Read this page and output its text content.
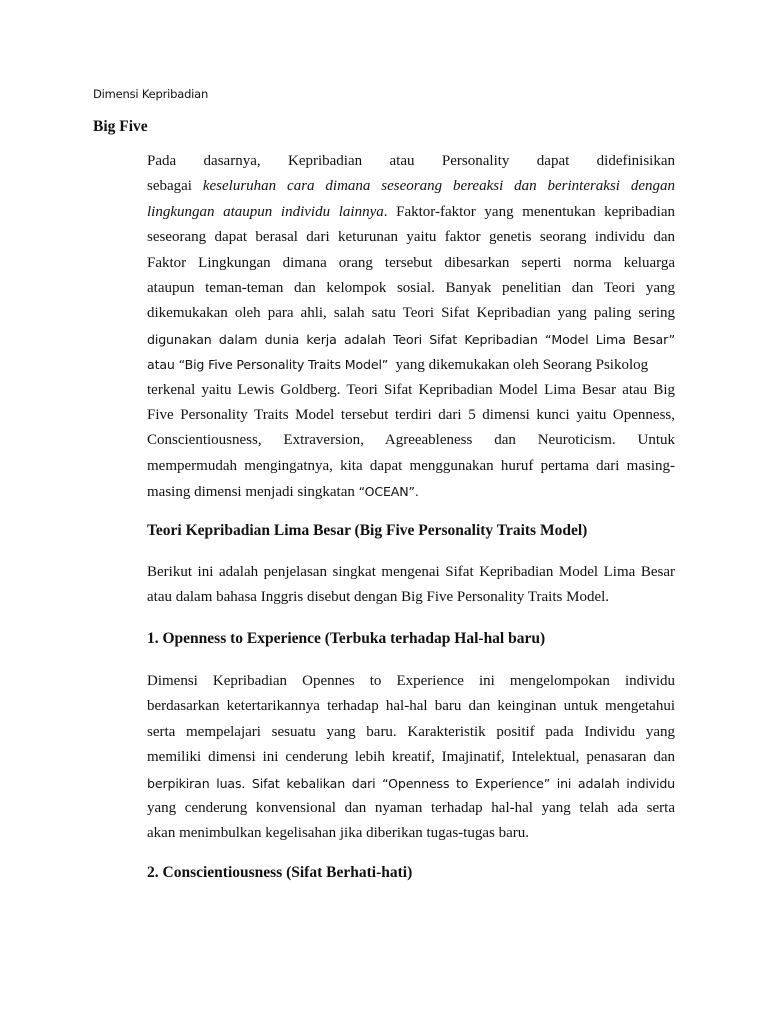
Dimensi Kepribadian
Big Five
Pada dasarnya, Kepribadian atau Personality dapat didefinisikan
sebagai keseluruhan cara dimana seseorang bereaksi dan berinteraksi dengan
lingkungan ataupun individu lainnya. Faktor-faktor yang menentukan kepribadian
seseorang dapat berasal dari keturunan yaitu faktor genetis seorang individu dan
Faktor Lingkungan dimana orang tersebut dibesarkan seperti norma keluarga
ataupun teman-teman dan kelompok sosial. Banyak penelitian dan Teori yang
dikemukakan oleh para ahli, salah satu Teori Sifat Kepribadian yang paling sering
digunakan dalam dunia kerja adalah Teori Sifat Kepribadian “Model Lima Besar”
atau “Big Five Personality Traits Model”  yang dikemukakan oleh Seorang Psikolog
terkenal yaitu Lewis Goldberg. Teori Sifat Kepribadian Model Lima Besar atau Big
Five Personality Traits Model tersebut terdiri dari 5 dimensi kunci yaitu Openness,
Conscientiousness, Extraversion, Agreeableness dan Neuroticism. Untuk
mempermudah mengingatnya, kita dapat menggunakan huruf pertama dari masing-
masing dimensi menjadi singkatan “OCEAN”.
Teori Kepribadian Lima Besar (Big Five Personality Traits Model)
Berikut ini adalah penjelasan singkat mengenai Sifat Kepribadian Model Lima Besar
atau dalam bahasa Inggris disebut dengan Big Five Personality Traits Model.
1. Openness to Experience (Terbuka terhadap Hal-hal baru)
Dimensi Kepribadian Opennes to Experience ini mengelompokan individu
berdasarkan ketertarikannya terhadap hal-hal baru dan keinginan untuk mengetahui
serta mempelajari sesuatu yang baru. Karakteristik positif pada Individu yang
memiliki dimensi ini cenderung lebih kreatif, Imajinatif, Intelektual, penasaran dan
berpikiran luas. Sifat kebalikan dari “Openness to Experience” ini adalah individu
yang cenderung konvensional dan nyaman terhadap hal-hal yang telah ada serta
akan menimbulkan kegelisahan jika diberikan tugas-tugas baru.
2. Conscientiousness (Sifat Berhati-hati)
